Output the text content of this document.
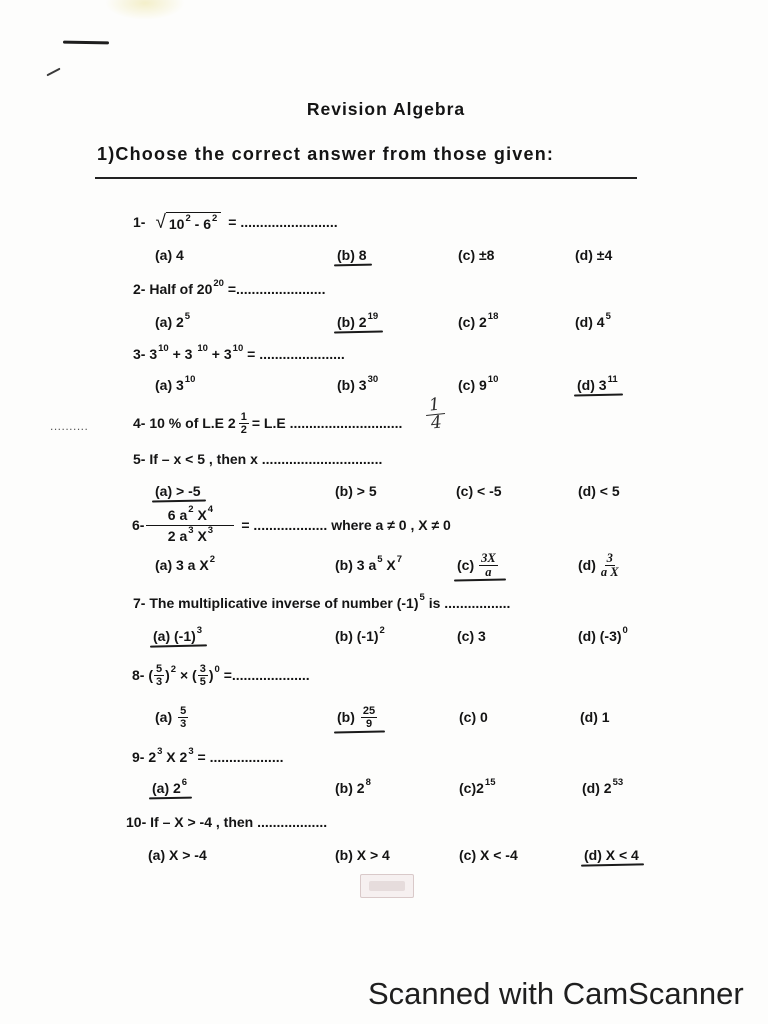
Revision Algebra
1)Choose the correct answer from those given:
1- √ 10 2 - 6 2 = .........................
(a) 4	(b) 8	(c) ±8	(d) ±4
2- Half of 20 20 =.......................
(a) 2 5	(b) 2 19	(c) 2 18	(d) 4 5
3- 3 10 + 3 10 + 3 10 = ......................
(a) 3 10	(b) 3 30	(c) 9 10	(d) 3 11
..........	4- 10 % of L.E $2 \frac{1}{2} = L.E$ ............................. $\frac{1}{4}$
5- If – x < 5 , then x ...............................
(a) > -5	(b) > 5	(c) < -5	(d) < 5
$6- \frac{6 a 2 X 4}{2 a 3 X 3}$ = ................... where a ≠ 0 , X ≠ 0
(a) 3 a X 2	(b) 3 a 5 X 7	$(c) \frac{3X}{a}$	$(d) \frac{3}{\text{a X}}$
7- The multiplicative inverse of number (-1) 5 is .................
(a) (-1) 3	(b) (-1) 2	(c) 3	(d) (-3) 0
8- ( $\frac{5}{3}$ ) 2 × ( $\frac{3}{5}$ ) 0 =....................
$(a) \frac{5}{3}$	$(b) \frac{25}{9}$	(c) 0	(d) 1
9- 2 3 X 2 3 = ...................
(a) 2 6	(b) 2 8	(c)2 15	(d) 2 53
10- If – X > -4 , then ..................
(a) X > -4	(b) X > 4	(c) X < -4	(d) X < 4
Scanned with CamScanner
